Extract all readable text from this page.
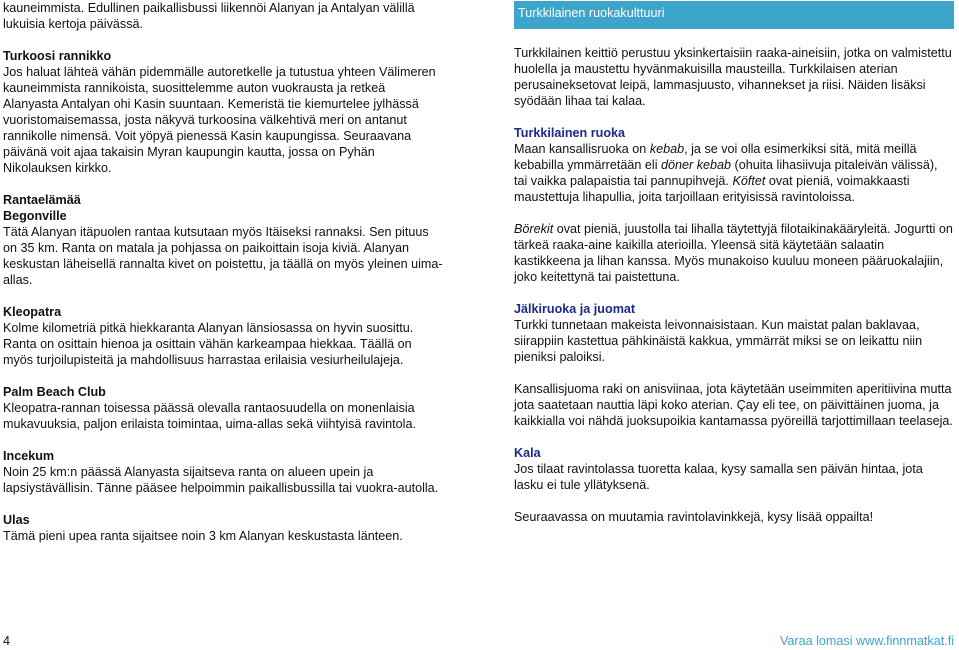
kauneimmista. Edullinen paikallisbussi liikennöi Alanyan ja Antalyan välillä lukuisia kertoja päivässä.

Turkoosi rannikko

Jos haluat lähteä vähän pidemmälle autoretkelle ja tutustua yhteen Välimeren kauneimmista rannikoista, suosittelemme auton vuokrausta ja retkeä Alanyasta Antalyan ohi Kasin suuntaan. Kemeristä tie kiemurtelee jylhässä vuoristomaisemassa, josta näkyvä turkoosina välkehtivä meri on antanut rannikolle nimensä. Voit yöpyä pienessä Kasin kaupungissa. Seuraavana päivänä voit ajaa takaisin Myran kaupungin kautta, jossa on Pyhän Nikolauksen kirkko.

Rantaelämää

Begonville

Tätä Alanyan itäpuolen rantaa kutsutaan myös Itäiseksi rannaksi. Sen pituus on 35 km. Ranta on matala ja pohjassa on paikoittain isoja kiviä. Alanyan keskustan läheisellä rannalta kivet on poistettu, ja täällä on myös yleinen uima-allas.

Kleopatra

Kolme kilometriä pitkä hiekkaranta Alanyan länsiosassa on hyvin suosittu. Ranta on osittain hienoa ja osittain vähän karkeampaa hiekkaa. Täällä on myös turjoilupisteitä ja mahdollisuus harrastaa erilaisia vesiurheilulajeja.

Palm Beach Club

Kleopatra-rannan toisessa päässä olevalla rantaosuudella on monenlaisia mukavuuksia, paljon erilaista toimintaa, uima-allas sekä viihtyisä ravintola.

Incekum

Noin 25 km:n päässä Alanyasta sijaitseva ranta on alueen upein ja lapsiystävällisin. Tänne pääsee helpoimmin paikallisbussilla tai vuokra-autolla.

Ulas

Tämä pieni upea ranta sijaitsee noin 3 km Alanyan keskustasta länteen.

Turkkilainen ruokakulttuuri

Turkkilainen keittiö perustuu yksinkertaisiin raaka-aineisiin, jotka on valmistettu huolella ja maustettu hyvänmakuisilla mausteilla. Turkkilaisen aterian perusaineksetovat leipä, lammasjuusto, vihannekset ja riisi. Näiden lisäksi syödään lihaa tai kalaa.

Turkkilainen ruoka

Maan kansallisruoka on kebab, ja se voi olla esimerkiksi sitä, mitä meillä kebabilla ymmärretään eli döner kebab (ohuita lihasiivuja pitaleivän välissä), tai vaikka palapaistia tai pannupihvejä. Köftet ovat pieniä, voimakkaasti maustettuja lihapullia, joita tarjoillaan erityisissä ravintoloissa.

Börekit ovat pieniä, juustolla tai lihalla täytettyjä filotaikinakääryleitä. Jogurtti on tärkeä raaka-aine kaikilla aterioilla. Yleensä sitä käytetään salaatin kastikkeena ja lihan kanssa. Myös munakoiso kuuluu moneen pääruokalajiin, joko keitettynä tai paistettuna.

Jälkiruoka ja juomat

Turkki tunnetaan makeista leivonnaisistaan. Kun maistat palan baklavaa, siirappiin kastettua pähkinäistä kakkua, ymmärrät miksi se on leikattu niin pieniksi paloiksi.

Kansallisjuoma raki on anisviinaa, jota käytetään useimmiten aperitiivina mutta jota saatetaan nauttia läpi koko aterian. Çay eli tee, on päivittäinen juoma, ja kaikkialla voi nähdä juoksupoikia kantamassa pyöreillä tarjottimillaan teelaseja.

Kala

Jos tilaat ravintolassa tuoretta kalaa, kysy samalla sen päivän hintaa, jota lasku ei tule yllätyksenä.

Seuraavassa on muutamia ravintolavinkkejä, kysy lisää oppailta!

4	Varaa lomasi www.finnmatkat.fi
